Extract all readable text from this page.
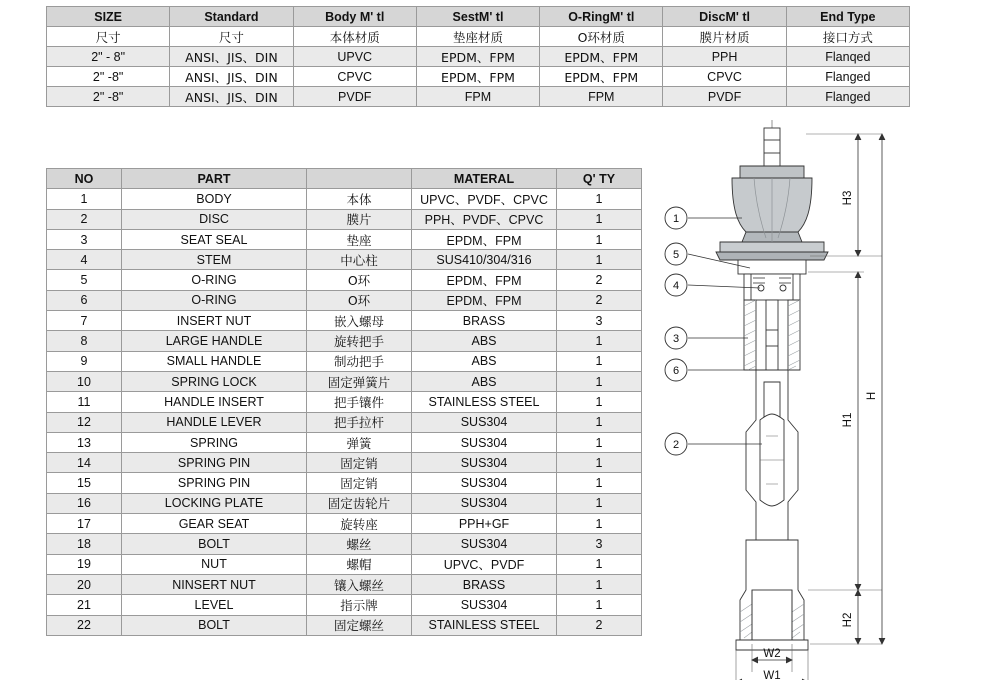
SIZE	Standard	Body M' tl	SestM' tl	O-RingM' tl	DiscM' tl	End Type
尺寸	尺寸	本体材质	垫座材质	O环材质	膜片材质	接口方式
2" - 8"	ANSI、JIS、DIN	UPVC	EPDM、FPM	EPDM、FPM	PPH	Flanqed
2" -8"	ANSI、JIS、DIN	CPVC	EPDM、FPM	EPDM、FPM	CPVC	Flanged
2" -8"	ANSI、JIS、DIN	PVDF	FPM	FPM	PVDF	Flanged
NO	PART		MATERAL	Q' TY
1	BODY	本体	UPVC、PVDF、CPVC	1
2	DISC	膜片	PPH、PVDF、CPVC	1
3	SEAT SEAL	垫座	EPDM、FPM	1
4	STEM	中心柱	SUS410/304/316	1
5	O-RING	O环	EPDM、FPM	2
6	O-RING	O环	EPDM、FPM	2
7	INSERT NUT	嵌入螺母	BRASS	3
8	LARGE HANDLE	旋转把手	ABS	1
9	SMALL HANDLE	制动把手	ABS	1
10	SPRING LOCK	固定弹簧片	ABS	1
11	HANDLE INSERT	把手镶件	STAINLESS STEEL	1
12	HANDLE LEVER	把手拉杆	SUS304	1
13	SPRING	弹簧	SUS304	1
14	SPRING PIN	固定销	SUS304	1
15	SPRING PIN	固定销	SUS304	1
16	LOCKING PLATE	固定齿轮片	SUS304	1
17	GEAR SEAT	旋转座	PPH+GF	1
18	BOLT	螺丝	SUS304	3
19	NUT	螺帽	UPVC、PVDF	1
20	NINSERT NUT	镶入螺丝	BRASS	1
21	LEVEL	指示牌	SUS304	1
22	BOLT	固定螺丝	STAINLESS STEEL	2
1
5
4
3
6
2
H3
H1
H2
H
W2
W1
